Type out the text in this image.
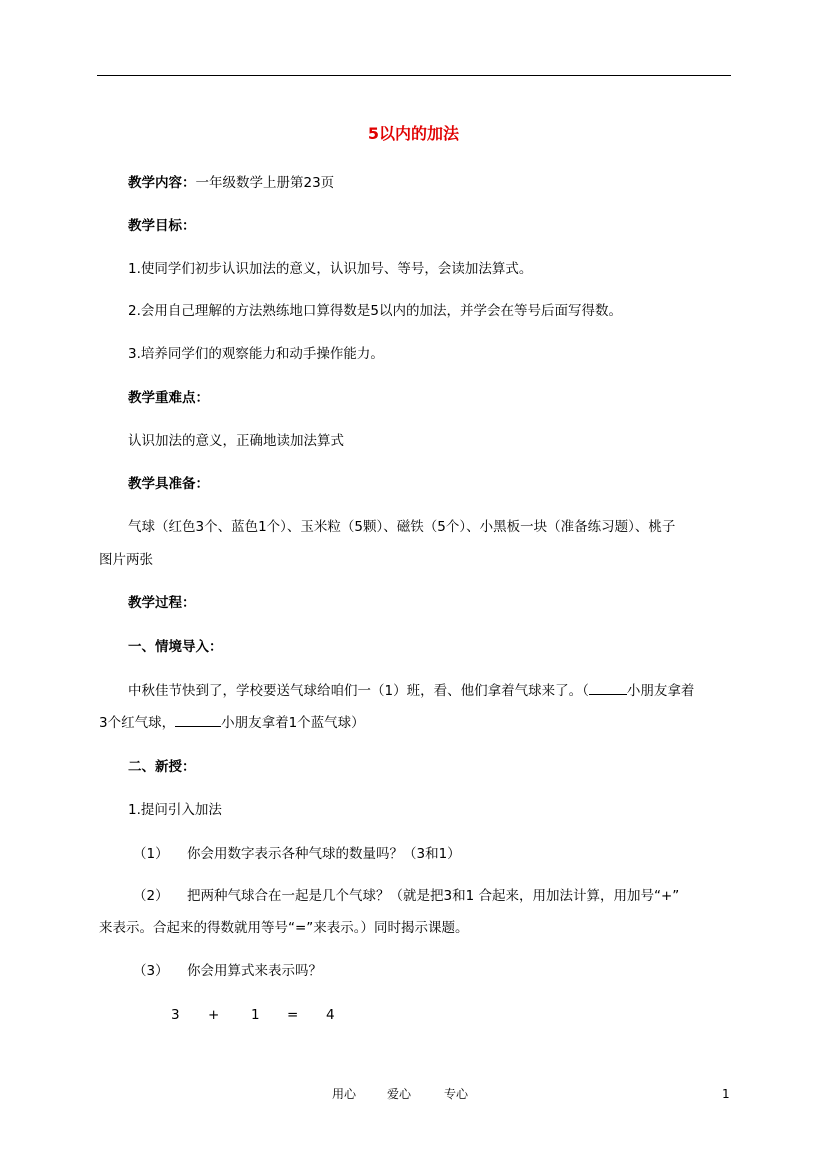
5以内的加法
教学内容：一年级数学上册第23页
教学目标：
1.使同学们初步认识加法的意义，认识加号、等号，会读加法算式。
2.会用自己理解的方法熟练地口算得数是5以内的加法，并学会在等号后面写得数。
3.培养同学们的观察能力和动手操作能力。
教学重难点：
认识加法的意义，正确地读加法算式
教学具准备：
气球（红色3个、蓝色1个）、玉米粒（5颗）、磁铁（5个）、小黑板一块（准备练习题）、桃子
图片两张
教学过程：
一、情境导入：
中秋佳节快到了，学校要送气球给咱们一（1）班，看、他们拿着气球来了。（	小朋友拿着
3个红气球，	小朋友拿着1个蓝气球）
二、新授：
1.提问引入加法
（1） 你会用数字表示各种气球的数量吗？（3和1）
（2） 把两种气球合在一起是几个气球？（就是把3和1 合起来，用加法计算，用加号“+”
来表示。合起来的得数就用等号“=”来表示。）同时揭示课题。
（3） 你会用算式来表示吗？
3 + 1 = 4
用心	爱心	专心	1
